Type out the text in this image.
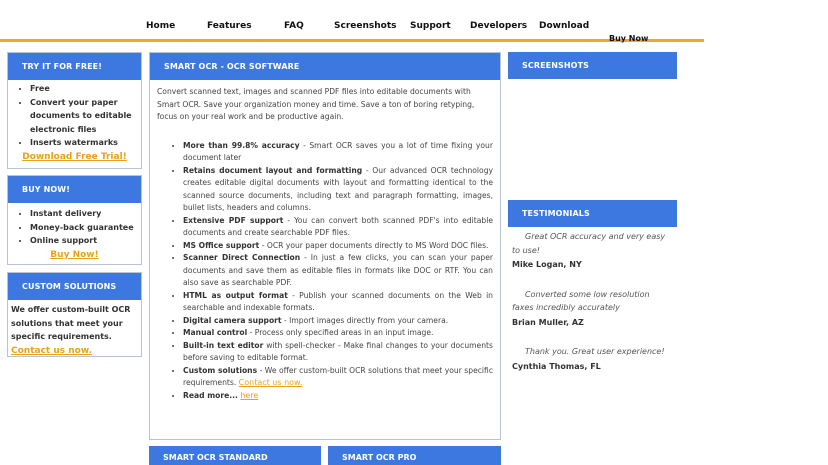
Home	Features	FAQ	Screenshots Support Developers Download
Buy Now
TRY IT FOR FREE!
• Free
• Convert your paper documents to editable electronic files
• Inserts watermarks
Download Free Trial!
BUY NOW!
• Instant delivery
• Money-back guarantee
• Online support
Buy Now!
CUSTOM SOLUTIONS
We offer custom-built OCR solutions that meet your specific requirements.
Contact us now.
SMART OCR - OCR SOFTWARE

Convert scanned text, images and scanned PDF files into editable documents with Smart OCR. Save your organization money and time. Save a ton of boring retyping, focus on your real work and be productive again.

• More than 99.8% accuracy - Smart OCR saves you a lot of time fixing your document later
• Retains document layout and formatting - Our advanced OCR technology creates editable digital documents with layout and formatting identical to the scanned source documents, including text and paragraph formatting, images, bullet lists, headers and columns.
• Extensive PDF support - You can convert both scanned PDF's into editable documents and create searchable PDF files.
• MS Office support - OCR your paper documents directly to MS Word DOC files.
• Scanner Direct Connection - In just a few clicks, you can scan your paper documents and save them as editable files in formats like DOC or RTF. You can also save as searchable PDF.
• HTML as output format - Publish your scanned documents on the Web in searchable and indexable formats.
• Digital camera support - Import images directly from your camera.
• Manual control - Process only specified areas in an input image.
• Built-in text editor with spell-checker - Make final changes to your documents before saving to editable format.
• Custom solutions - We offer custom-built OCR solutions that meet your specific requirements. Contact us now.
• Read more... here
SCREENSHOTS
TESTIMONIALS
Great OCR accuracy and very easy to use!
Mike Logan, NY
Converted some low resolution faxes incredibly accurately
Brian Muller, AZ
Thank you. Great user experience!
Cynthia Thomas, FL
SMART OCR STANDARD	SMART OCR PRO
